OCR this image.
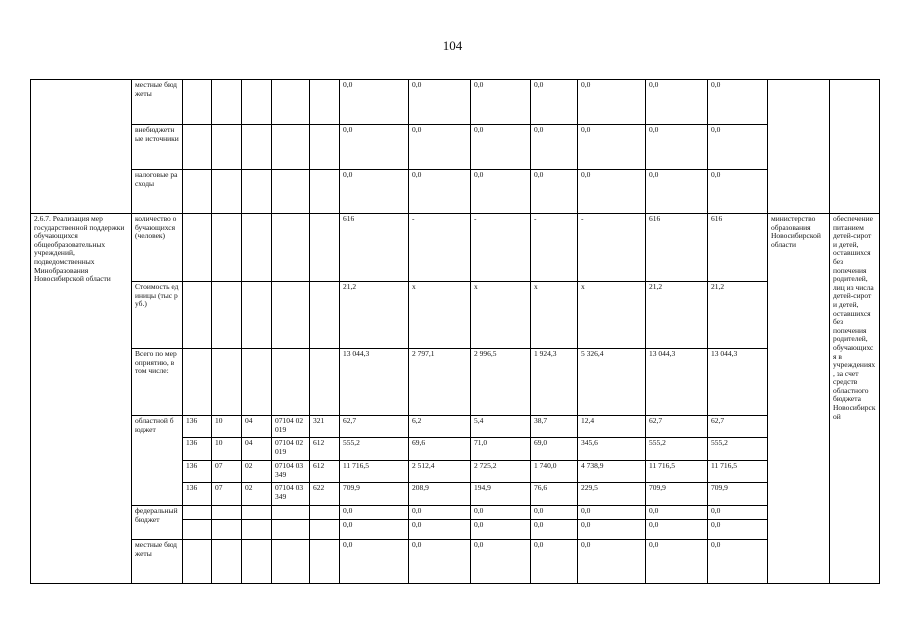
104
	местные бюджеты						0,0	0,0	0,0	0,0	0,0	0,0	0,0		
	внебюджетные источники						0,0	0,0	0,0	0,0	0,0	0,0	0,0		
	налоговые расходы						0,0	0,0	0,0	0,0	0,0	0,0	0,0		
2.6.7. Реализация мер государственной поддержки обучающихся общеобразовательных учреждений, подведомственных Минобразования Новосибирской области	количество обучающихся (человек)						616	-	-	-	-	616	616	министерство образования Новосибирской области	обеспечение питанием детей-сирот и детей, оставшихся без попечения родителей, лиц из числа детей-сирот и детей, оставшихся без попечения родителей, обучающихся в учреждениях, за счет средств областного бюджета Новосибирской
	Стоимость единицы (тыс руб.)						21,2	х	х	х	х	21,2	21,2		
	Всего по мероприятию, в том числе:						13 044,3	2 797,1	2 996,5	1 924,3	5 326,4	13 044,3	13 044,3		
	областной бюджет	136	10	04	07104 02019	321	62,7	6,2	5,4	38,7	12,4	62,7	62,7		
		136	10	04	07104 02019	612	555,2	69,6	71,0	69,0	345,6	555,2	555,2		
		136	07	02	07104 03349	612	11 716,5	2 512,4	2 725,2	1 740,0	4 738,9	11 716,5	11 716,5		
		136	07	02	07104 03349	622	709,9	208,9	194,9	76,6	229,5	709,9	709,9		
	федеральный бюджет						0,0	0,0	0,0	0,0	0,0	0,0	0,0		
							0,0	0,0	0,0	0,0	0,0	0,0	0,0		
	местные бюджеты						0,0	0,0	0,0	0,0	0,0	0,0	0,0		
